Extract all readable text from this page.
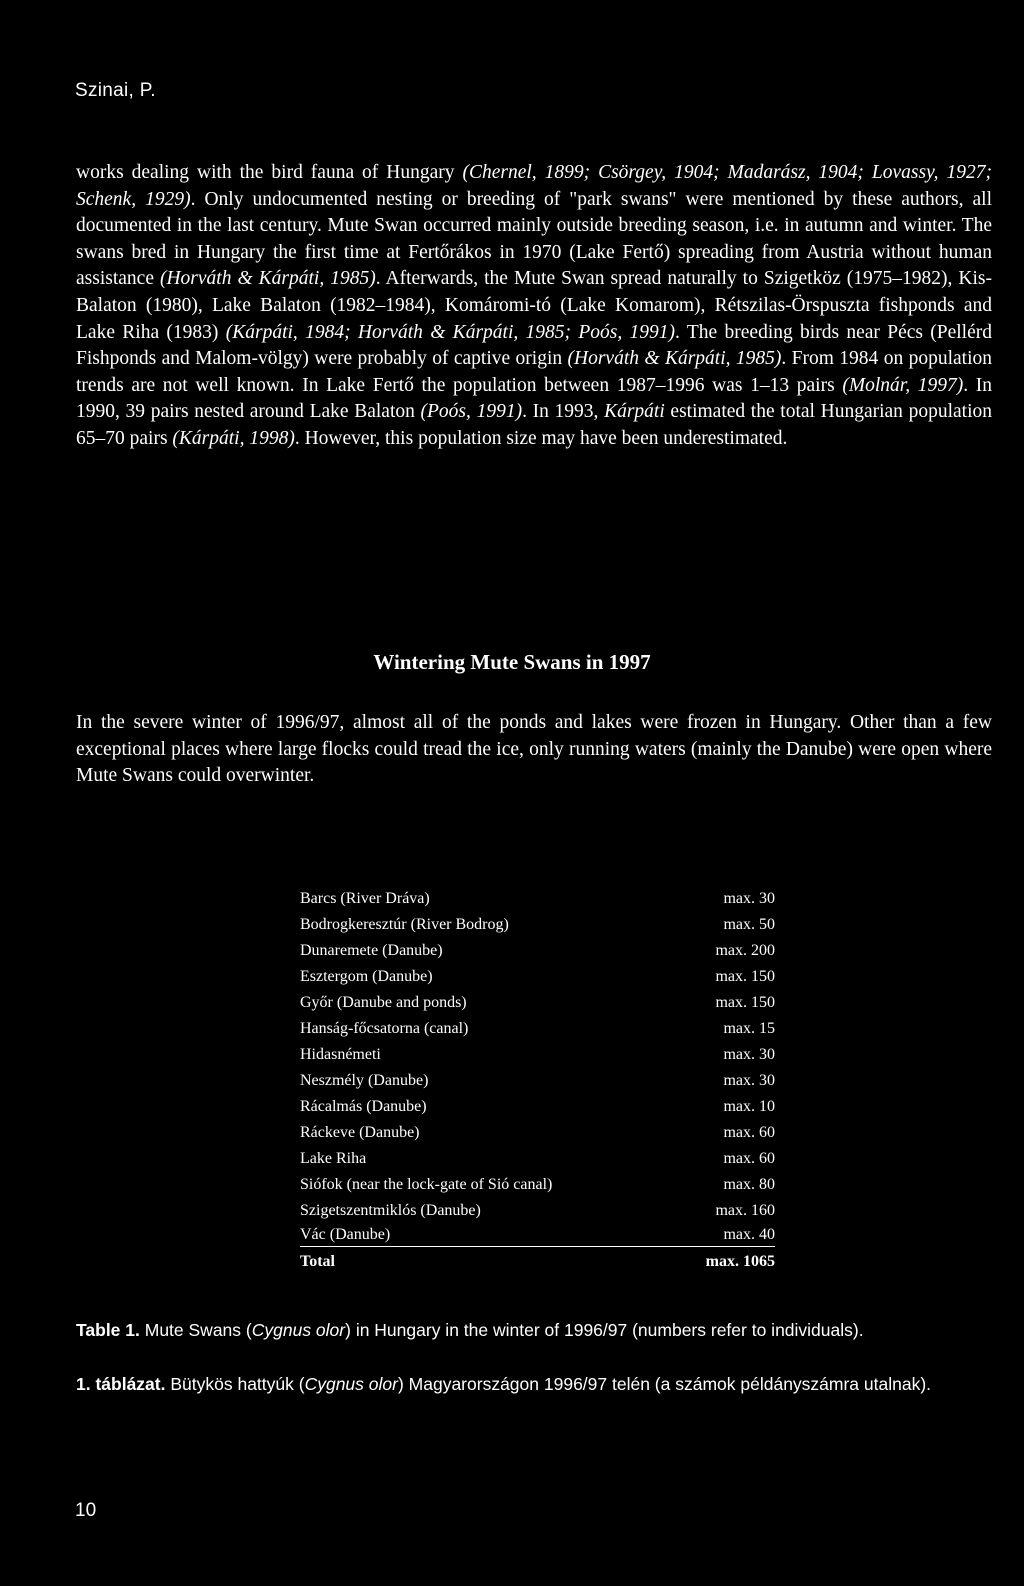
Szinai, P.
works dealing with the bird fauna of Hungary (Chernel, 1899; Csörgey, 1904; Madarász, 1904; Lovassy, 1927; Schenk, 1929). Only undocumented nesting or breeding of "park swans" were mentioned by these authors, all documented in the last century. Mute Swan occurred mainly outside breeding season, i.e. in autumn and winter. The swans bred in Hungary the first time at Fertőrákos in 1970 (Lake Fertő) spreading from Austria without human assistance (Horváth & Kárpáti, 1985). Afterwards, the Mute Swan spread naturally to Szigetköz (1975–1982), Kis-Balaton (1980), Lake Balaton (1982–1984), Komáromi-tó (Lake Komarom), Rétszilas-Örspuszta fishponds and Lake Riha (1983) (Kárpáti, 1984; Horváth & Kárpáti, 1985; Poós, 1991). The breeding birds near Pécs (Pellérd Fishponds and Malom-völgy) were probably of captive origin (Horváth & Kárpáti, 1985). From 1984 on population trends are not well known. In Lake Fertő the population between 1987–1996 was 1–13 pairs (Molnár, 1997). In 1990, 39 pairs nested around Lake Balaton (Poós, 1991). In 1993, Kárpáti estimated the total Hungarian population 65–70 pairs (Kárpáti, 1998). However, this population size may have been underestimated.
Wintering Mute Swans in 1997
In the severe winter of 1996/97, almost all of the ponds and lakes were frozen in Hungary. Other than a few exceptional places where large flocks could tread the ice, only running waters (mainly the Danube) were open where Mute Swans could overwinter.
Barcs (River Dráva)	max. 30
Bodrogkeresztúr (River Bodrog)	max. 50
Dunaremete (Danube)	max. 200
Esztergom (Danube)	max. 150
Győr (Danube and ponds)	max. 150
Hanság-főcsatorna (canal)	max. 15
Hidasnémeti	max. 30
Neszmély (Danube)	max. 30
Rácalmás (Danube)	max. 10
Ráckeve (Danube)	max. 60
Lake Riha	max. 60
Siófok (near the lock-gate of Sió canal)	max. 80
Szigetszentmiklós (Danube)	max. 160
Vác (Danube)	max. 40
Total	max. 1065
Table 1. Mute Swans (Cygnus olor) in Hungary in the winter of 1996/97 (numbers refer to individuals).
1. táblázat. Bütykös hattyúk (Cygnus olor) Magyarországon 1996/97 telén (a számok példányszámra utalnak).
10
